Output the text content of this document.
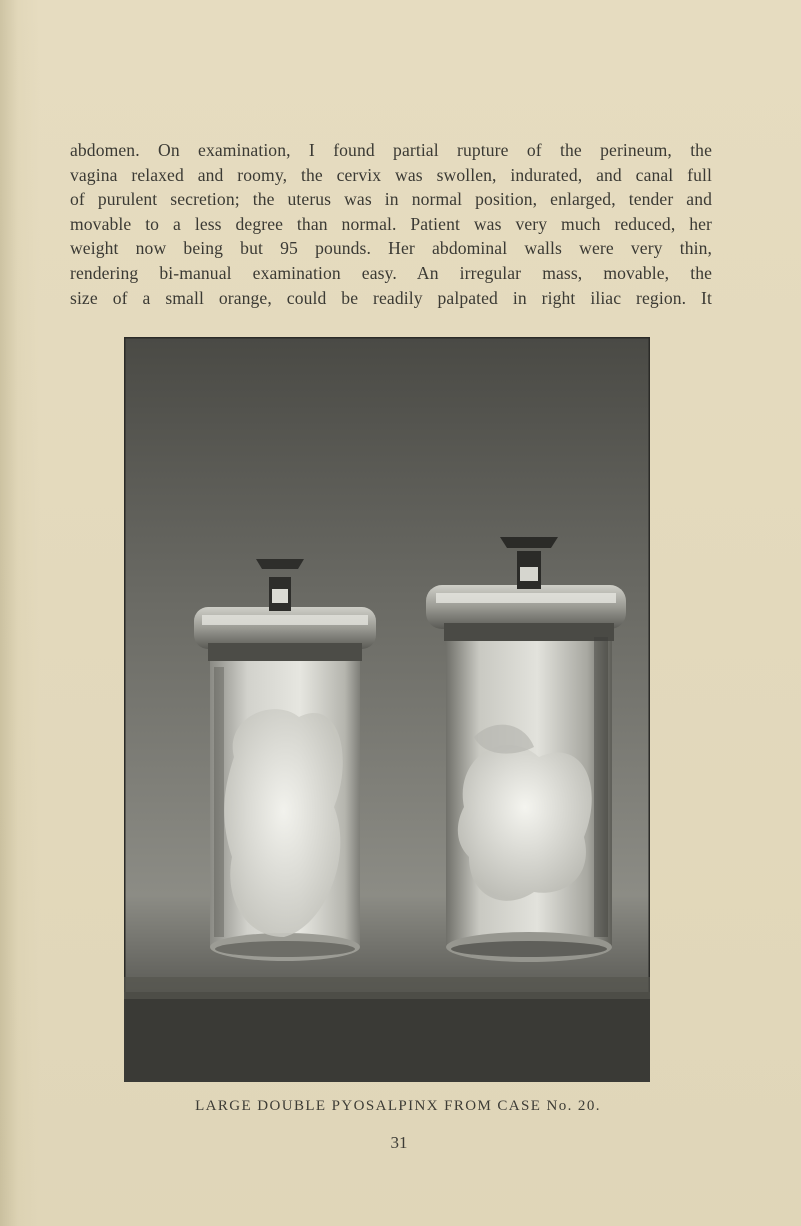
abdomen. On examination, I found partial rupture of the perineum, the
vagina relaxed and roomy, the cervix was swollen, indurated, and canal full
of purulent secretion; the uterus was in normal position, enlarged, tender and
movable to a less degree than normal. Patient was very much reduced, her
weight now being but 95 pounds. Her abdominal walls were very thin,
rendering bi-manual examination easy. An irregular mass, movable, the
size of a small orange, could be readily palpated in right iliac region. It
LARGE DOUBLE PYOSALPINX FROM CASE No. 20.
31
